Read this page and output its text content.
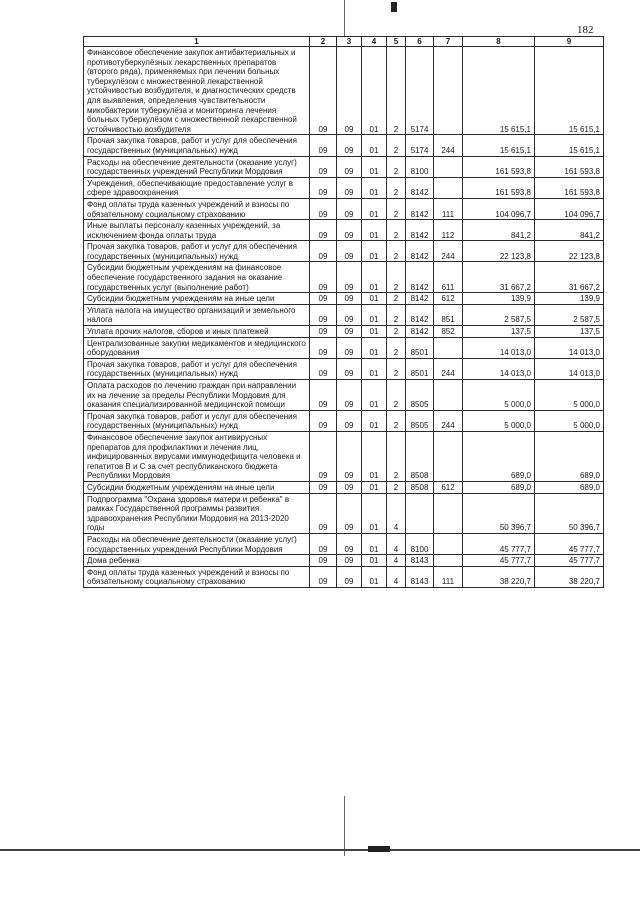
182
1	2	3	4	5	6	7	8	9
Финансовое обеспечение закупок антибактериальных и противотуберкулёзных лекарственных препаратов (второго ряда), применяемых при лечении больных туберкулёзом с множественной лекарственной устойчивостью возбудителя, и диагностических средств для выявления, определения чувствительности микобактерии туберкулёза и мониторинга лечения больных туберкулёзом с множественной лекарственной устойчивостью возбудителя	09	09	01	2	5174		15 615,1	15 615,1
Прочая закупка товаров, работ и услуг для обеспечения государственных (муниципальных) нужд	09	09	01	2	5174	244	15 615,1	15 615,1
Расходы на обеспечение деятельности (оказание услуг) государственных учреждений Республики Мордовия	09	09	01	2	8100		161 593,8	161 593,8
Учреждения, обеспечивающие предоставление услуг в сфере здравоохранения	09	09	01	2	8142		161 593,8	161 593,8
Фонд оплаты труда казенных учреждений и взносы по обязательному социальному страхованию	09	09	01	2	8142	111	104 096,7	104 096,7
Иные выплаты персоналу казенных учреждений, за исключением фонда оплаты труда	09	09	01	2	8142	112	841,2	841,2
Прочая закупка товаров, работ и услуг для обеспечения государственных (муниципальных) нужд	09	09	01	2	8142	244	22 123,8	22 123,8
Субсидии бюджетным учреждениям на финансовое обеспечение государственного задания на оказание государственных услуг (выполнение работ)	09	09	01	2	8142	611	31 667,2	31 667,2
Субсидии бюджетным учреждениям на иные цели	09	09	01	2	8142	612	139,9	139,9
Уплата налога на имущество организаций и земельного налога	09	09	01	2	8142	851	2 587,5	2 587,5
Уплата прочих налогов, сборов и иных платежей	09	09	01	2	8142	852	137,5	137,5
Централизованные закупки медикаментов и медицинского оборудования	09	09	01	2	8501		14 013,0	14 013,0
Прочая закупка товаров, работ и услуг для обеспечения государственных (муниципальных) нужд	09	09	01	2	8501	244	14 013,0	14 013,0
Оплата расходов по лечению граждан при направлении их на лечение за пределы Республики Мордовия для оказания специализированной медицинской помощи	09	09	01	2	8505		5 000,0	5 000,0
Прочая закупка товаров, работ и услуг для обеспечения государственных (муниципальных) нужд	09	09	01	2	8505	244	5 000,0	5 000,0
Финансовое обеспечение закупок антивирусных препаратов для профилактики и лечения лиц, инфицированных вирусами иммунодефицита человека и гепатитов B и C за счет республиканского бюджета Республики Мордовия	09	09	01	2	8508		689,0	689,0
Субсидии бюджетным учреждениям на иные цели	09	09	01	2	8508	612	689,0	689,0
Подпрограмма "Охрана здоровья матери и ребенка" в рамках Государственной программы развития здравоохранения Республики Мордовия на 2013-2020 годы	09	09	01	4			50 396,7	50 396,7
Расходы на обеспечение деятельности (оказание услуг) государственных учреждений Республики Мордовия	09	09	01	4	8100		45 777,7	45 777,7
Дома ребенка	09	09	01	4	8143		45 777,7	45 777,7
Фонд оплаты труда казенных учреждений и взносы по обязательному социальному страхованию	09	09	01	4	8143	111	38 220,7	38 220,7
